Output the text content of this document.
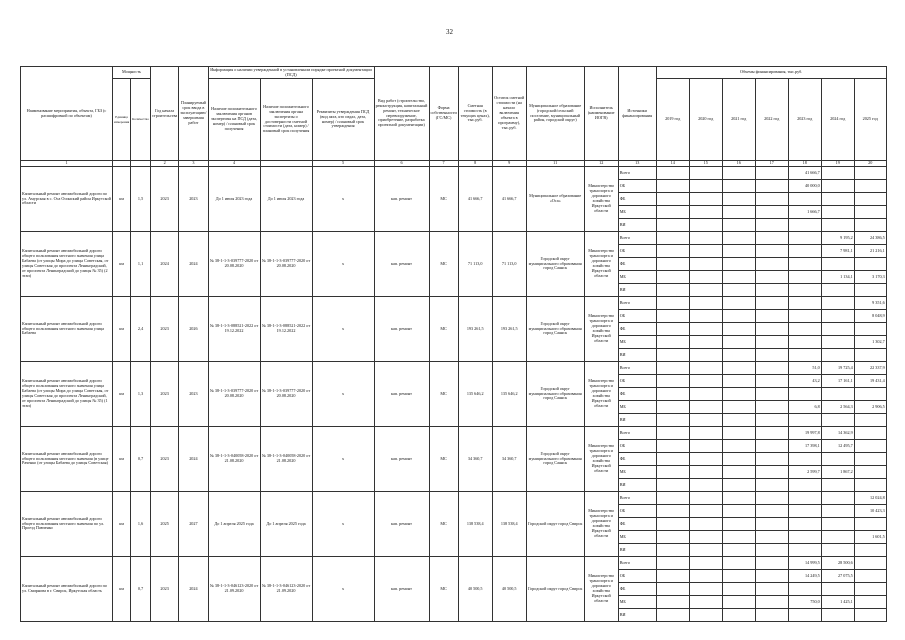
32
Наименование мероприятия, объекта, ГБЗ (с расшифровкой по объектам)	Мощность		Год начала строительства	Планируемый срок ввода в эксплуатацию/завершения работ	Информация о наличии утвержденной в установленном порядке проектной документации (ПСД)			Вид работ (строительство, реконструкция, капитальный ремонт, техническое перевооружение, приобретение, разработка проектной документации)	Форма собственности (ГС/МС)	Сметная стоимость (в текущих ценах), тыс.руб.	Остаток сметной стоимости (на начало включения объекта в программу), тыс.руб.	Муниципальное образование (городской/сельский поселение, муниципальный район, городской округ)	Исполнитель (наименование ИОГВ)	Источники финансирования	Объемы финансирования, тыс.руб.						
	Единица измерения	Количество			Наличие положительного заключения органов экспертизы на ПСД (дата, номер) / плановый срок получения	Наличие положительного заключения органа экспертизы о достоверности сметной стоимости (дата, номер) / плановый срок получения	Реквизиты утверждения ПСД (вид акта, кто издал, дата, номер) / плановый срок утверждения								2019 год	2020 год	2021 год	2022 год	2023 год	2024 год	2025 год
1			2	3	4		5	6	7	8	9	11	12	13	14	15	16	17	18	19	20
Капитальный ремонт автомобильной дороги по ул. Амурская в с. Оса Осинский район Иркутской области	км	1,5	2023	2023	До 1 июля 2023 года	До 1 июля 2023 года	х	кап. ремонт	МС	41 666,7	41 666,7	Муниципальное образование «Оса»	Министерство транспорта и дорожного хозяйства Иркутской области	Всего					41 666,7		
														ОБ					40 000,0		
														ФБ							
														МБ					1 666,7		
														ВИ							
Капитальный ремонт автомобильной дороги общего пользования местного значения улица Бабаева (от улицы Мира до улицы Советская, от улицы Советская до проспекта Ленинградский, от проспекта Ленинградский до улицы № 35) (2 этап)	км	1,1	2024	2024	№ 38-1-1-3-039777-2020 от 20.08.2020	№ 38-1-1-3-039777-2020 от 20.08.2020	х	кап. ремонт	МС	71 113,0	71 113,0	Городской округ муниципального образования город Саянск	Министерство транспорта и дорожного хозяйства Иркутской области	Всего						9 195,2	24 386,5
														ОБ						7 981,1	21 216,1
														ФБ							
														МБ						1 134,1	3 170,3
														ВИ							
Капитальный ремонт автомобильной дороги общего пользования местного значения улица Бабаева	км	2,4	2023	2026	№ 38-1-1-3-088521-2022 от 19.12.2022	№ 38-1-1-3-088521-2022 от 19.12.2022	х	кап. ремонт	МС	193 261,5	193 261,5	Городской округ муниципального образования город Саянск	Министерство транспорта и дорожного хозяйства Иркутской области	Всего							9 351,6
														ОБ							8 048,9
														ФБ							
														МБ							1 302,7
														ВИ							
Капитальный ремонт автомобильной дороги общего пользования местного значения улица Бабаева (от улицы Мира до улицы Советская, от улицы Советская до проспекта Ленинградский, от проспекта Ленинградский до улицы № 35) (1 этап)	км	1,3	2023	2023	№ 38-1-1-3-039777-2020 от 20.08.2020	№ 38-1-1-3-039777-2020 от 20.08.2020	х	кап. ремонт	МС	135 646,2	135 646,2	Городской округ муниципального образования город Саянск	Министерство транспорта и дорожного хозяйства Иркутской области	Всего					51,0	19 725,4	22 337,9
														ОБ					43,2	17 161,1	19 431,4
														ФБ							
														МБ					6,8	2 564,3	2 906,5
														ВИ							
Капитальный ремонт автомобильной дороги общего пользования местного значения (в улице Раченко (от улицы Бабаева до улицы Советская)	км	0,7	2023	2024	№ 38-1-1-3-040058-2020 от 21.08.2020	№ 38-1-1-3-040058-2020 от 21.08.2020	х	кап. ремонт	МС	34 360,7	34 360,7	Городской округ муниципального образования город Саянск	Министерство транспорта и дорожного хозяйства Иркутской области	Всего					19 997,8	14 362,9	
														ОБ					17 398,1	12 495,7	
														ФБ							
														МБ					2 599,7	1 867,2	
														ВИ							
Капитальный ремонт автомобильной дороги общего пользования местного значения по ул. Проезд Павченко	км	1,6	2025	2027	До 1 апреля 2025 года	До 1 апреля 2025 года	х	кап. ремонт	МС	138 538,4	138 538,4	Городской округ город Свирск	Министерство транспорта и дорожного хозяйства Иркутской области	Всего							12 024,8
														ОБ							10 423,3
														ФБ							
														МБ							1 601,5
														ВИ							
Капитальный ремонт автомобильной дороги по ул. Смирнова в г. Свирск, Иркутская область	км	0,7	2023	2024	№ 38-1-1-3-046123-2020 от 21.09.2020	№ 38-1-1-3-046123-2020 от 21.09.2020	х	кап. ремонт	МС	40 500,5	40 500,5	Городской округ город Свирск	Министерство транспорта и дорожного хозяйства Иркутской области	Всего					14 999,5	28 500,6	
														ОБ					14 249,5	27 075,5	
														ФБ							
														МБ					750,0	1 425,1	
														ВИ							
